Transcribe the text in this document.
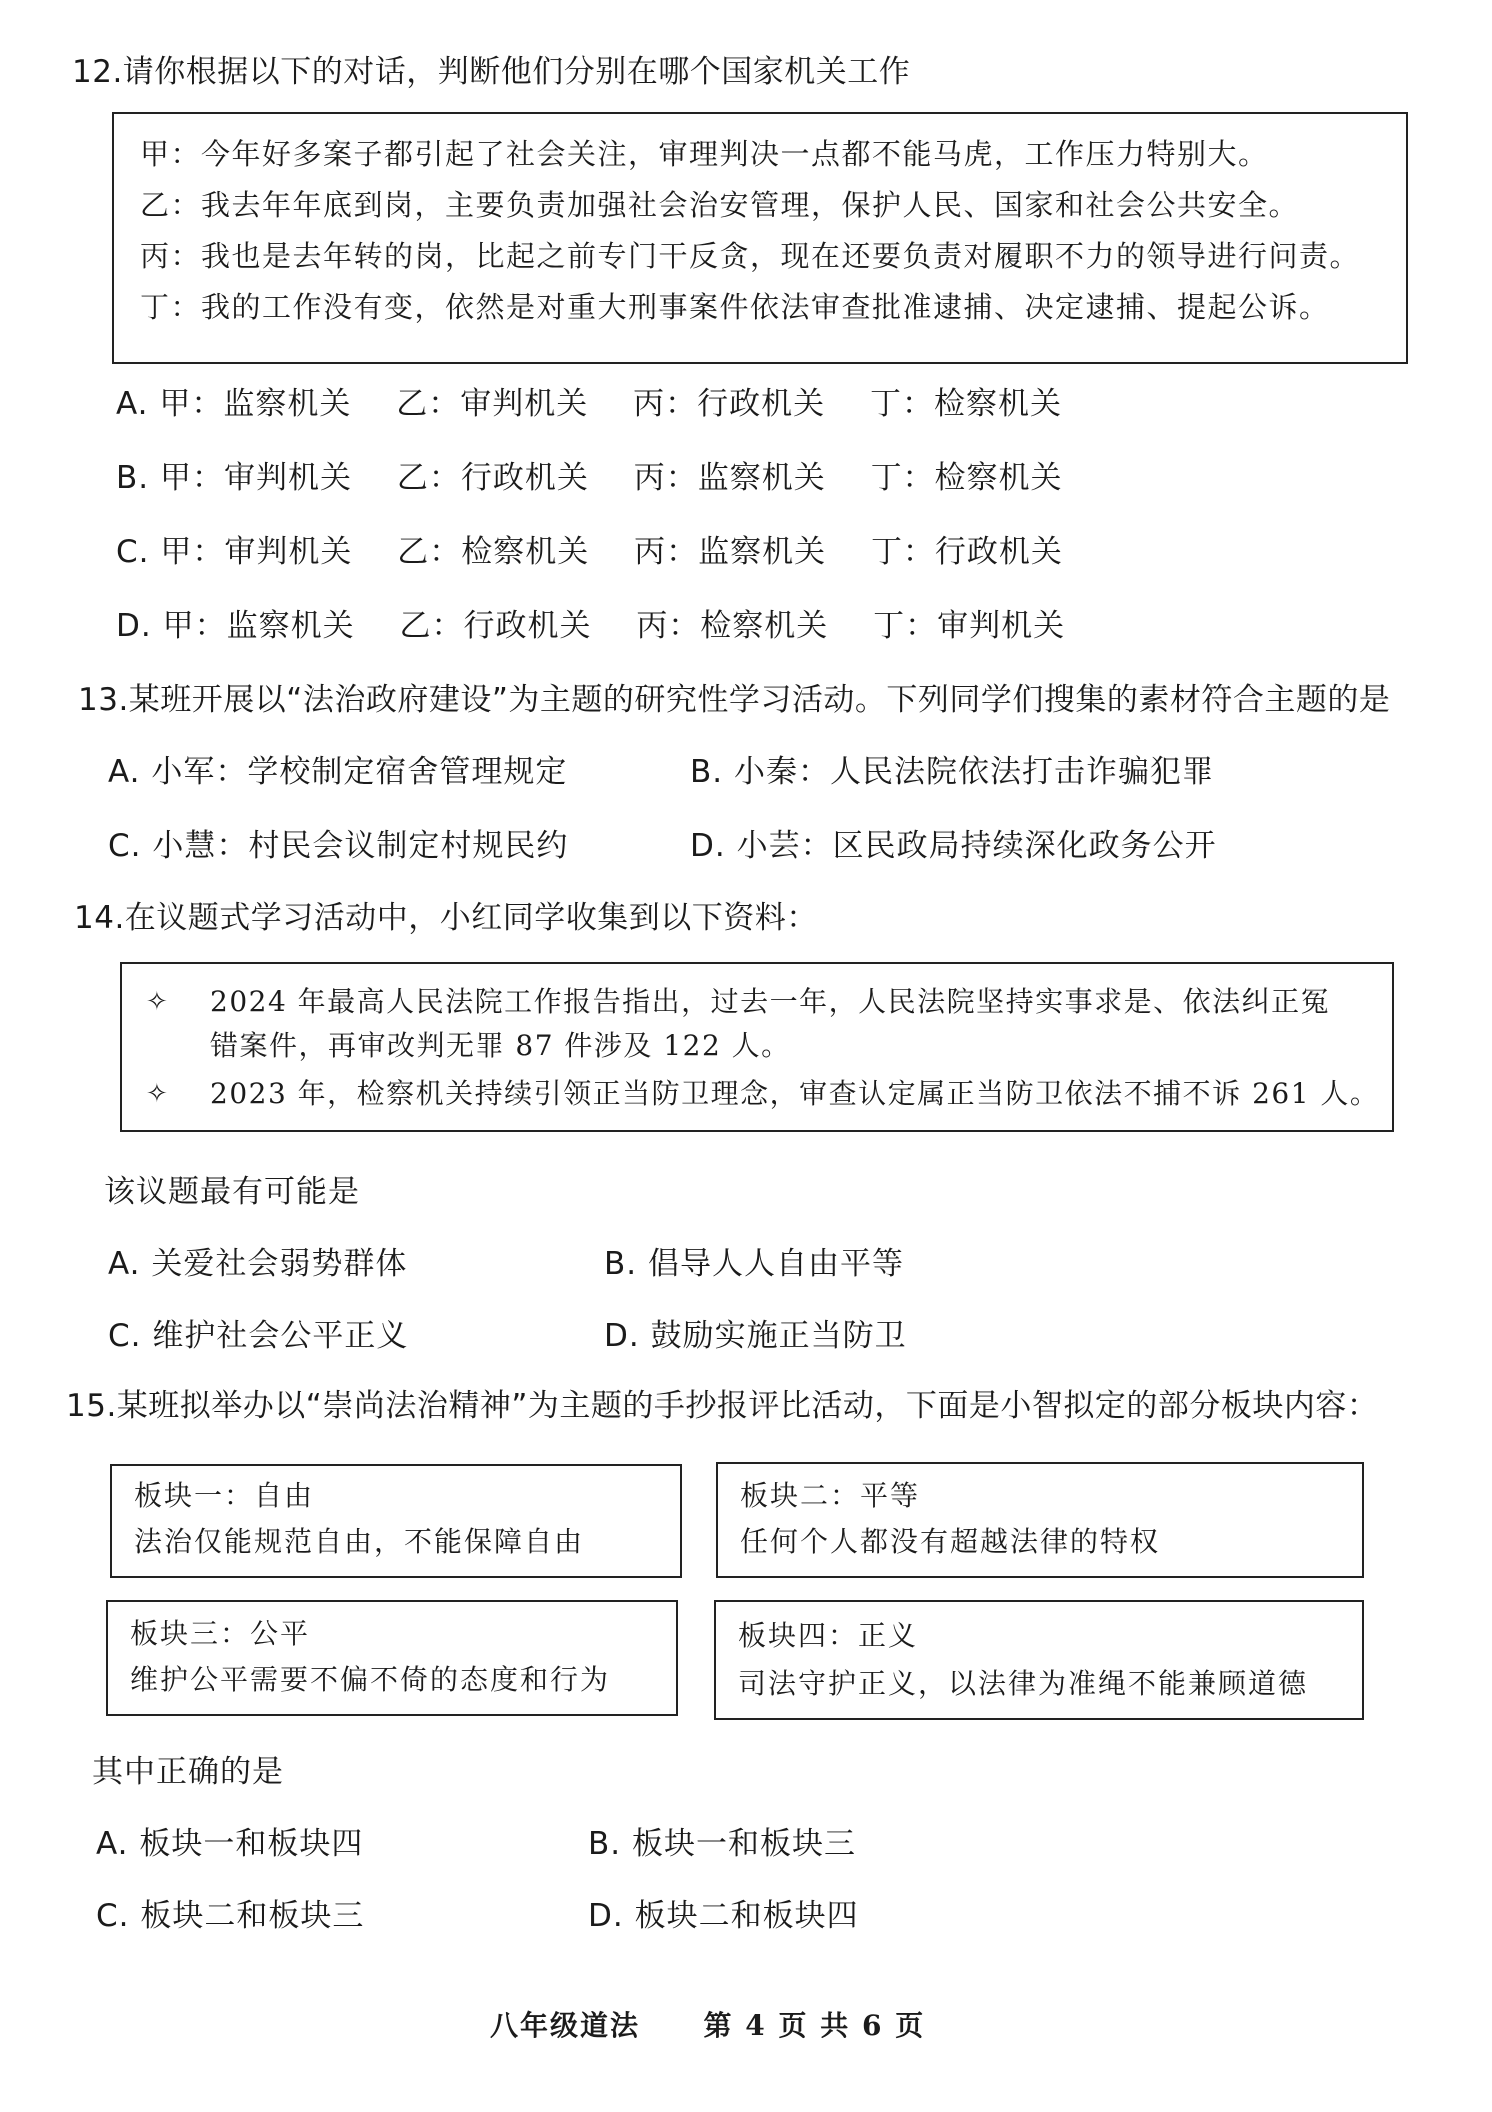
12.请你根据以下的对话，判断他们分别在哪个国家机关工作
甲：今年好多案子都引起了社会关注，审理判决一点都不能马虎，工作压力特别大。
乙：我去年年底到岗，主要负责加强社会治安管理，保护人民、国家和社会公共安全。
丙：我也是去年转的岗，比起之前专门干反贪，现在还要负责对履职不力的领导进行问责。
丁：我的工作没有变，依然是对重大刑事案件依法审查批准逮捕、决定逮捕、提起公诉。
A. 甲：监察机关 乙：审判机关 丙：行政机关 丁：检察机关
B. 甲：审判机关 乙：行政机关 丙：监察机关 丁：检察机关
C. 甲：审判机关 乙：检察机关 丙：监察机关 丁：行政机关
D. 甲：监察机关 乙：行政机关 丙：检察机关 丁：审判机关
13.某班开展以“法治政府建设”为主题的研究性学习活动。下列同学们搜集的素材符合主题的是
A. 小军：学校制定宿舍管理规定	B. 小秦：人民法院依法打击诈骗犯罪
C. 小慧：村民会议制定村规民约	D. 小芸：区民政局持续深化政务公开
14.在议题式学习活动中，小红同学收集到以下资料：
✧ 2024 年最高人民法院工作报告指出，过去一年，人民法院坚持实事求是、依法纠正冤
错案件，再审改判无罪 87 件涉及 122 人。
✧ 2023 年，检察机关持续引领正当防卫理念，审查认定属正当防卫依法不捕不诉 261 人。
该议题最有可能是
A. 关爱社会弱势群体	B. 倡导人人自由平等
C. 维护社会公平正义	D. 鼓励实施正当防卫
15.某班拟举办以“崇尚法治精神”为主题的手抄报评比活动，下面是小智拟定的部分板块内容：
板块一：自由
法治仅能规范自由，不能保障自由
板块二：平等
任何个人都没有超越法律的特权
板块三：公平
维护公平需要不偏不倚的态度和行为
板块四：正义
司法守护正义，以法律为准绳不能兼顾道德
其中正确的是
A. 板块一和板块四	B. 板块一和板块三
C. 板块二和板块三	D. 板块二和板块四
八年级道法 第 4 页 共 6 页
